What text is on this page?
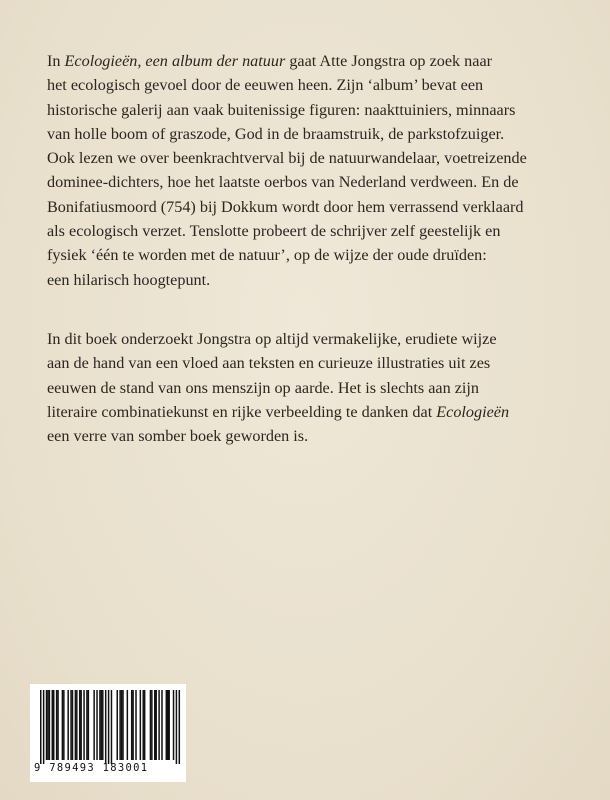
In Ecologieën, een album der natuur gaat Atte Jongstra op zoek naar
het ecologisch gevoel door de eeuwen heen. Zijn ‘album’ bevat een
historische galerij aan vaak buitenissige figuren: naakttuiniers, minnaars
van holle boom of graszode, God in de braamstruik, de parkstofzuiger.
Ook lezen we over beenkrachtverval bij de natuurwandelaar, voetreizende
dominee-dichters, hoe het laatste oerbos van Nederland verdween. En de
Bonifatiusmoord (754) bij Dokkum wordt door hem verrassend verklaard
als ecologisch verzet. Tenslotte probeert de schrijver zelf geestelijk en
fysiek ‘één te worden met de natuur’, op de wijze der oude druïden:
een hilarisch hoogtepunt.
In dit boek onderzoekt Jongstra op altijd vermakelijke, erudiete wijze
aan de hand van een vloed aan teksten en curieuze illustraties uit zes
eeuwen de stand van ons menszijn op aarde. Het is slechts aan zijn
literaire combinatiekunst en rijke verbeelding te danken dat Ecologieën
een verre van somber boek geworden is.
9 789493 183001
